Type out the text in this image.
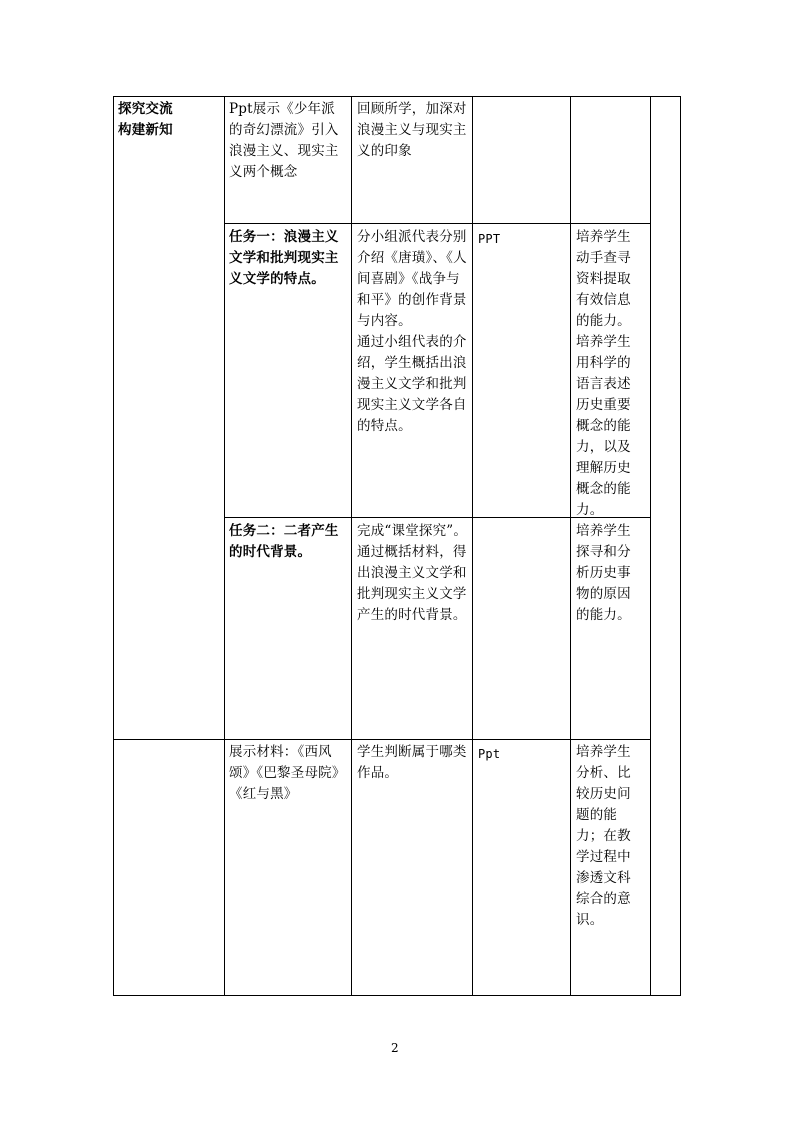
探究交流
构建新知
Ppt展示《少年派的奇幻漂流》引入浪漫主义、现实主义两个概念
回顾所学，加深对浪漫主义与现实主义的印象
任务一：浪漫主义文学和批判现实主义文学的特点。
分小组派代表分别介绍《唐璜》、《人间喜剧》《战争与和平》的创作背景与内容。
通过小组代表的介绍，学生概括出浪漫主义文学和批判现实主义文学各自的特点。
PPT	培养学生动手查寻资料提取有效信息的能力。培养学生用科学的语言表述历史重要概念的能力，以及理解历史概念的能力。
任务二：二者产生的时代背景。
完成“课堂探究”。通过概括材料，得出浪漫主义文学和批判现实主义文学产生的时代背景。
培养学生探寻和分析历史事物的原因的能力。
展示材料：《西风颂》《巴黎圣母院》《红与黑》
学生判断属于哪类作品。
Ppt	培养学生分析、比较历史问题的能力；在教学过程中渗透文科综合的意识。
2
